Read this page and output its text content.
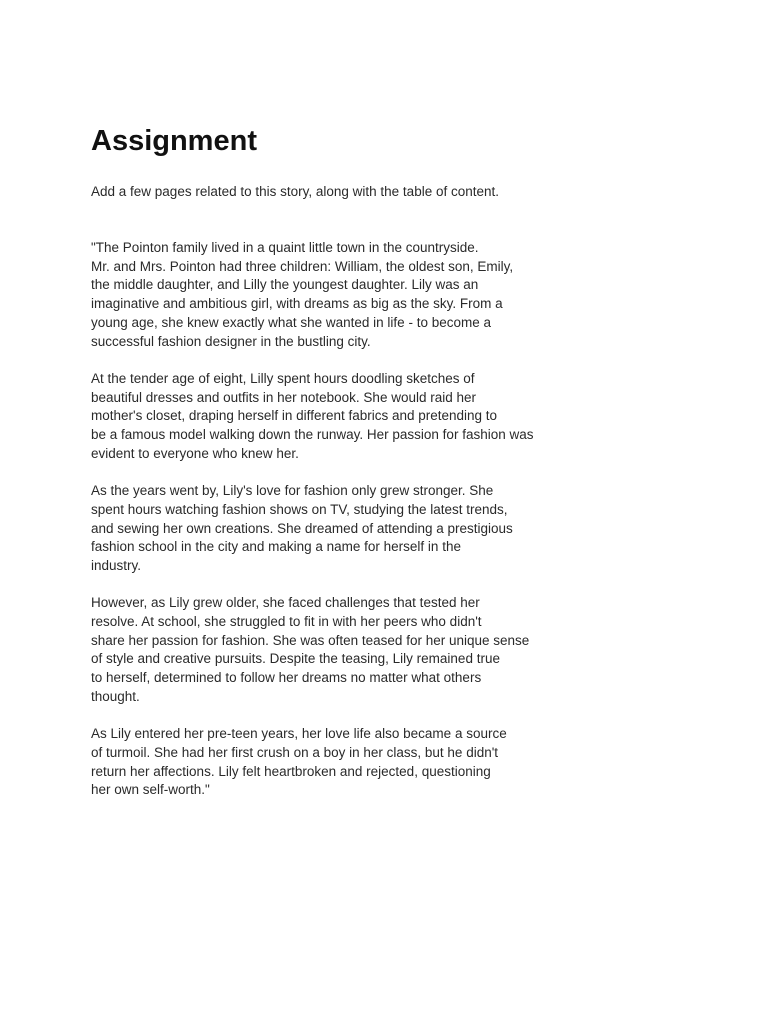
Assignment

Add a few pages related to this story, along with the table of content.

"The Pointon family lived in a quaint little town in the countryside.
Mr. and Mrs. Pointon had three children: William, the oldest son, Emily,
the middle daughter, and Lilly the youngest daughter. Lily was an
imaginative and ambitious girl, with dreams as big as the sky. From a
young age, she knew exactly what she wanted in life - to become a
successful fashion designer in the bustling city.

At the tender age of eight, Lilly spent hours doodling sketches of
beautiful dresses and outfits in her notebook. She would raid her
mother's closet, draping herself in different fabrics and pretending to
be a famous model walking down the runway. Her passion for fashion was
evident to everyone who knew her.

As the years went by, Lily's love for fashion only grew stronger. She
spent hours watching fashion shows on TV, studying the latest trends,
and sewing her own creations. She dreamed of attending a prestigious
fashion school in the city and making a name for herself in the
industry.

However, as Lily grew older, she faced challenges that tested her
resolve. At school, she struggled to fit in with her peers who didn't
share her passion for fashion. She was often teased for her unique sense
of style and creative pursuits. Despite the teasing, Lily remained true
to herself, determined to follow her dreams no matter what others
thought.

As Lily entered her pre-teen years, her love life also became a source
of turmoil. She had her first crush on a boy in her class, but he didn't
return her affections. Lily felt heartbroken and rejected, questioning
her own self-worth."
